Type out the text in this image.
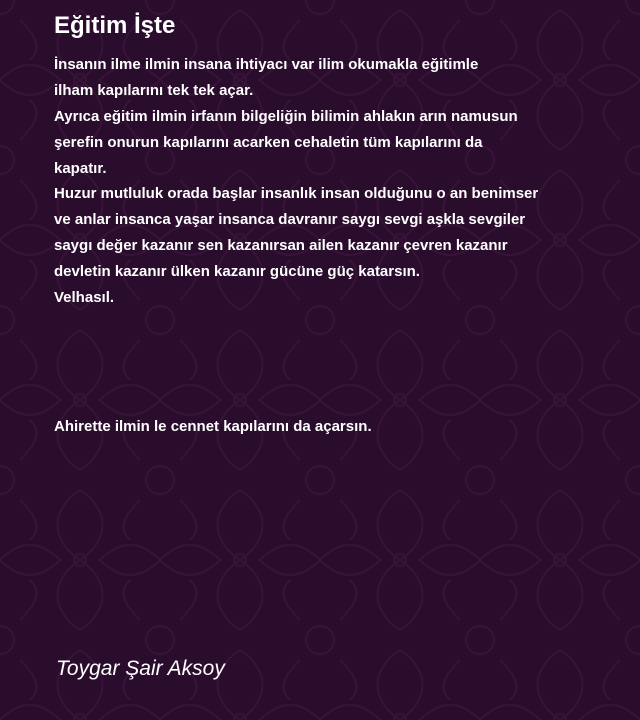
Eğitim İşte
İnsanın ilme ilmin insana ihtiyacı var ilim okumakla eğitimle
ilham kapılarını tek tek açar.
Ayrıca eğitim ilmin irfanın bilgeliğin bilimin ahlakın arın namusun
şerefin onurun kapılarını acarken cehaletin tüm kapılarını da
kapatır.
Huzur mutluluk orada başlar insanlık insan olduğunu o an benimser
ve anlar insanca yaşar insanca davranır saygı sevgi aşkla sevgiler
saygı değer kazanır sen kazanırsan ailen kazanır çevren kazanır
devletin kazanır ülken kazanır gücüne güç katarsın.
Velhasıl.
Ahirette ilmin le cennet kapılarını da açarsın.
Toygar Şair Aksoy
